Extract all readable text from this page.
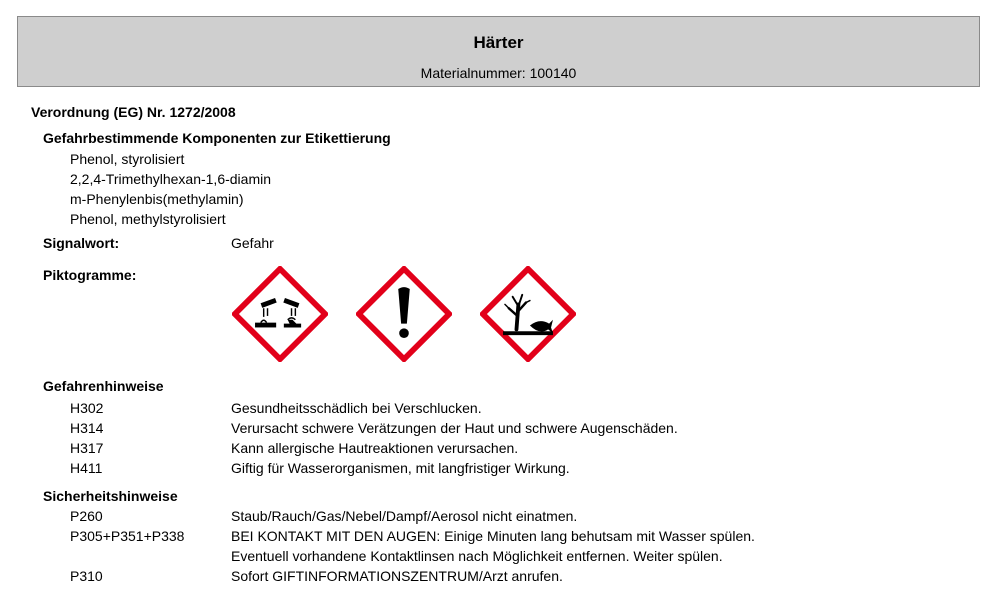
Härter
Materialnummer: 100140
Verordnung (EG) Nr. 1272/2008
Gefahrbestimmende Komponenten zur Etikettierung
Phenol, styrolisiert
2,2,4-Trimethylhexan-1,6-diamin
m-Phenylenbis(methylamin)
Phenol, methylstyrolisiert
Signalwort:	Gefahr
Piktogramme:
Gefahrenhinweise
H302	Gesundheitsschädlich bei Verschlucken.
H314	Verursacht schwere Verätzungen der Haut und schwere Augenschäden.
H317	Kann allergische Hautreaktionen verursachen.
H411	Giftig für Wasserorganismen, mit langfristiger Wirkung.
Sicherheitshinweise
P260	Staub/Rauch/Gas/Nebel/Dampf/Aerosol nicht einatmen.
P305+P351+P338	BEI KONTAKT MIT DEN AUGEN: Einige Minuten lang behutsam mit Wasser spülen.
Eventuell vorhandene Kontaktlinsen nach Möglichkeit entfernen. Weiter spülen.
P310	Sofort GIFTINFORMATIONSZENTRUM/Arzt anrufen.
